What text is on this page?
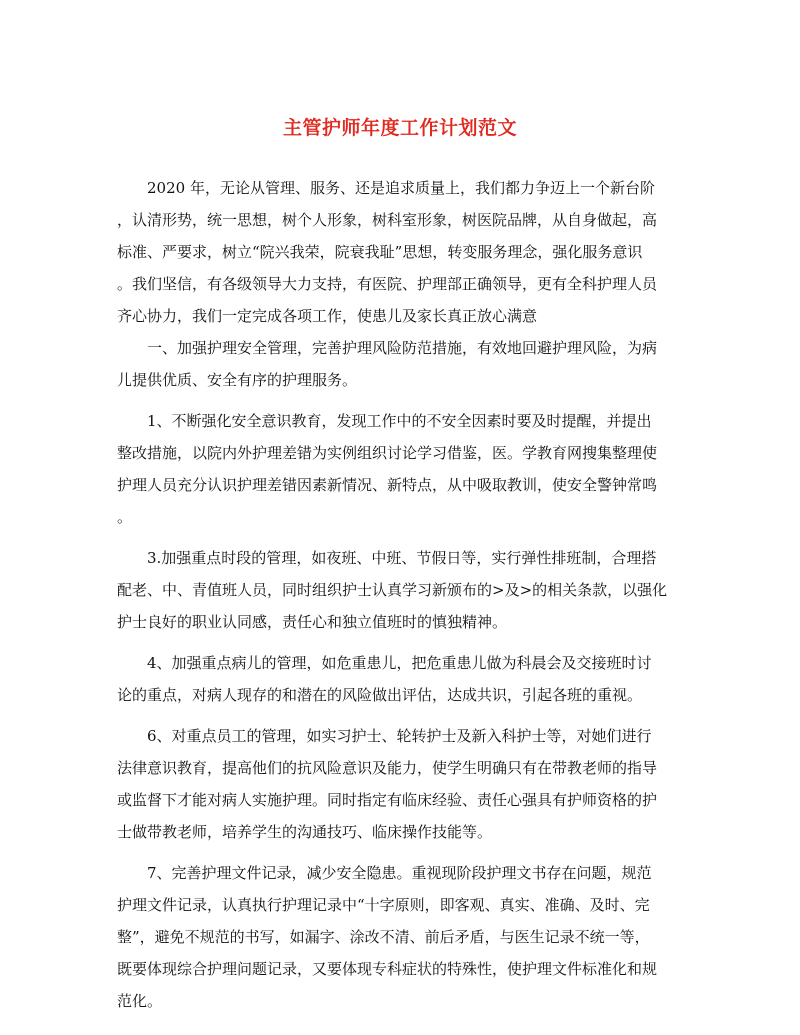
主管护师年度工作计划范文
　　2020 年，无论从管理、服务、还是追求质量上，我们都力争迈上一个新台阶
，认清形势，统一思想，树个人形象，树科室形象，树医院品牌，从自身做起，高
标准、严要求，树立“院兴我荣，院衰我耻”思想，转变服务理念，强化服务意识
。我们坚信，有各级领导大力支持，有医院、护理部正确领导，更有全科护理人员
齐心协力，我们一定完成各项工作，使患儿及家长真正放心满意
　　一、加强护理安全管理，完善护理风险防范措施，有效地回避护理风险，为病
儿提供优质、安全有序的护理服务。
　　1、不断强化安全意识教育，发现工作中的不安全因素时要及时提醒，并提出
整改措施，以院内外护理差错为实例组织讨论学习借鉴，医。学教育网搜集整理使
护理人员充分认识护理差错因素新情况、新特点，从中吸取教训，使安全警钟常鸣
。
　　3.加强重点时段的管理，如夜班、中班、节假日等，实行弹性排班制，合理搭
配老、中、青值班人员，同时组织护士认真学习新颁布的>及>的相关条款，以强化
护士良好的职业认同感，责任心和独立值班时的慎独精神。
　　4、加强重点病儿的管理，如危重患儿，把危重患儿做为科晨会及交接班时讨
论的重点，对病人现存的和潜在的风险做出评估，达成共识，引起各班的重视。
　　6、对重点员工的管理，如实习护士、轮转护士及新入科护士等，对她们进行
法律意识教育，提高他们的抗风险意识及能力，使学生明确只有在带教老师的指导
或监督下才能对病人实施护理。同时指定有临床经验、责任心强具有护师资格的护
士做带教老师，培养学生的沟通技巧、临床操作技能等。
　　7、完善护理文件记录，减少安全隐患。重视现阶段护理文书存在问题，规范
护理文件记录，认真执行护理记录中“十字原则，即客观、真实、准确、及时、完
整”，避免不规范的书写，如漏字、涂改不清、前后矛盾，与医生记录不统一等，
既要体现综合护理问题记录，又要体现专科症状的特殊性，使护理文件标准化和规
范化。
